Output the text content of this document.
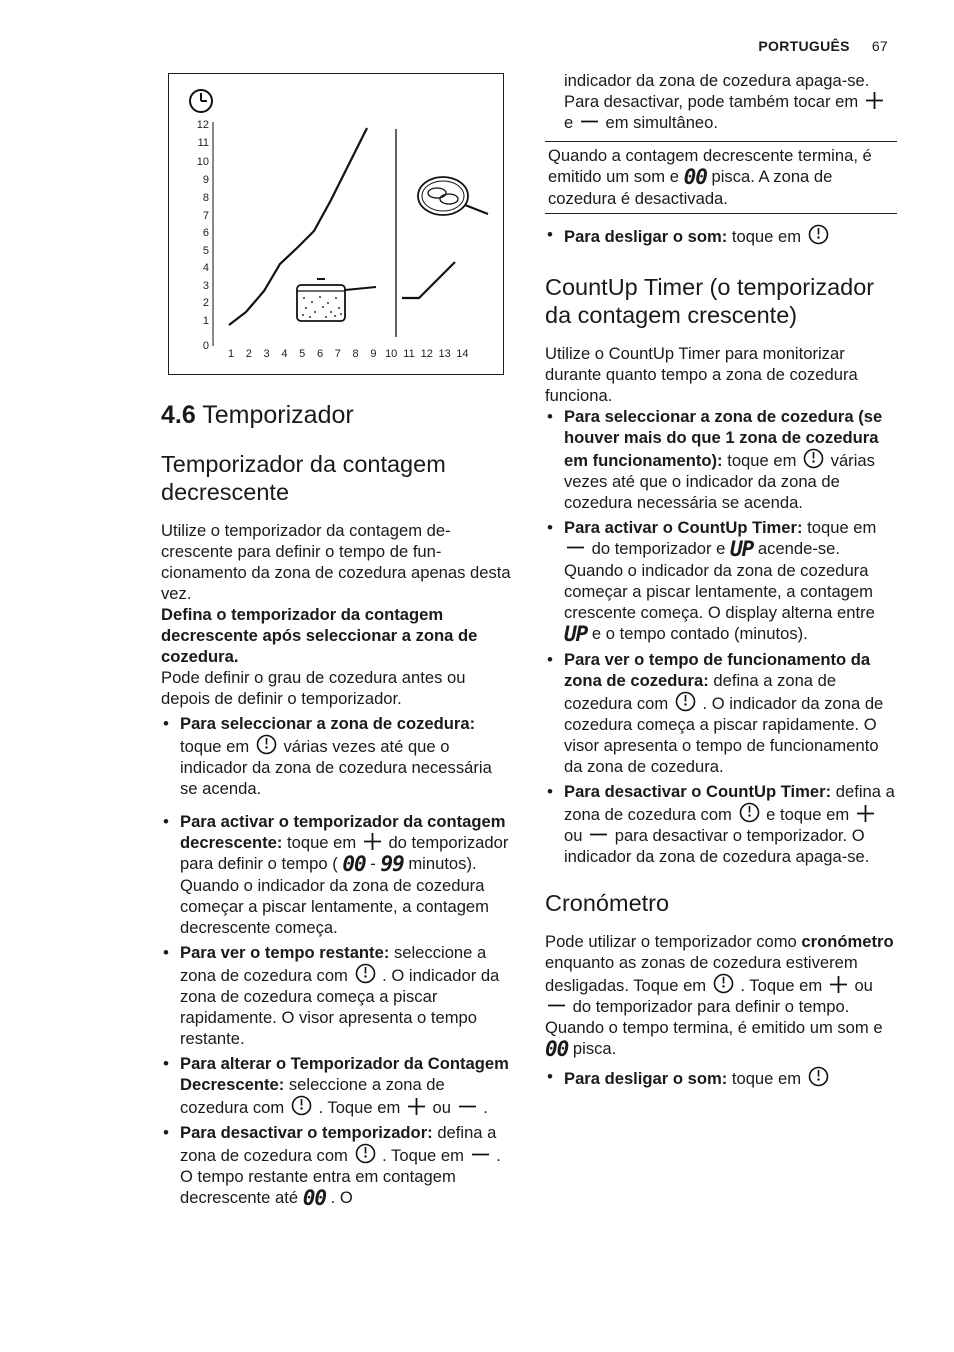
PORTUGUÊS 67
12
11
10
9
8
7
6
5
4
3
2
1
0
1 2 3 4 5 6 7 8 9 10 11 12 13 14
4.6 Temporizador
Temporizador da contagem decrescente

Utilize o temporizador da contagem decrescente para definir o tempo de funcionamento da zona de cozedura apenas desta vez.

Defina o temporizador da contagem decrescente após seleccionar a zona de cozedura.

Pode definir o grau de cozedura antes ou depois de definir o temporizador.

• Para seleccionar a zona de cozedura: toque em várias vezes até que o indicador da zona de cozedura necessária se acenda.
• Para activar o temporizador da contagem decrescente: toque em do temporizador para definir o tempo ( 00 - 99 minutos). Quando o indicador da zona de cozedura começar a piscar lentamente, a contagem decrescente começa.
• Para ver o tempo restante: seleccione a zona de cozedura com . O indicador da zona de cozedura começa a piscar rapidamente. O visor apresenta o tempo restante.
• Para alterar o Temporizador da Contagem Decrescente: seleccione a zona de cozedura com . Toque em ou .
• Para desactivar o temporizador: defina a zona de cozedura com . Toque em . O tempo restante entra em contagem decrescente até 00 . O

indicador da zona de cozedura apaga-se. Para desactivar, pode também tocar em  e em simultâneo.

Quando a contagem decrescente termina, é emitido um som e 00 pisca. A zona de cozedura é desactivada.
• Para desligar o som: toque em
CountUp Timer (o temporizador da contagem crescente)

Utilize o CountUp Timer para monitorizar durante quanto tempo a zona de cozedura funciona.

• Para seleccionar a zona de cozedura (se houver mais do que 1 zona de cozedura em funcionamento): toque em várias vezes até que o indicador da zona de cozedura necessária se acenda.
• Para activar o CountUp Timer: toque em  do temporizador e UP acende-se. Quando o indicador da zona de cozedura começar a piscar lentamente, a contagem crescente começa. O display alterna entre UP e o tempo contado (minutos).
• Para ver o tempo de funcionamento da zona de cozedura: defina a zona de cozedura com . O indicador da zona de cozedura começa a piscar rapidamente. O visor apresenta o tempo de funcionamento da zona de cozedura.
• Para desactivar o CountUp Timer: defina a zona de cozedura com e toque em  ou para desactivar o temporizador. O indicador da zona de cozedura apaga-se.
Cronómetro

Pode utilizar o temporizador como cronómetro enquanto as zonas de cozedura estiverem desligadas. Toque em . Toque em ou  do temporizador para definir o tempo. Quando o tempo termina, é emitido um som e 00 pisca.

• Para desligar o som: toque em
